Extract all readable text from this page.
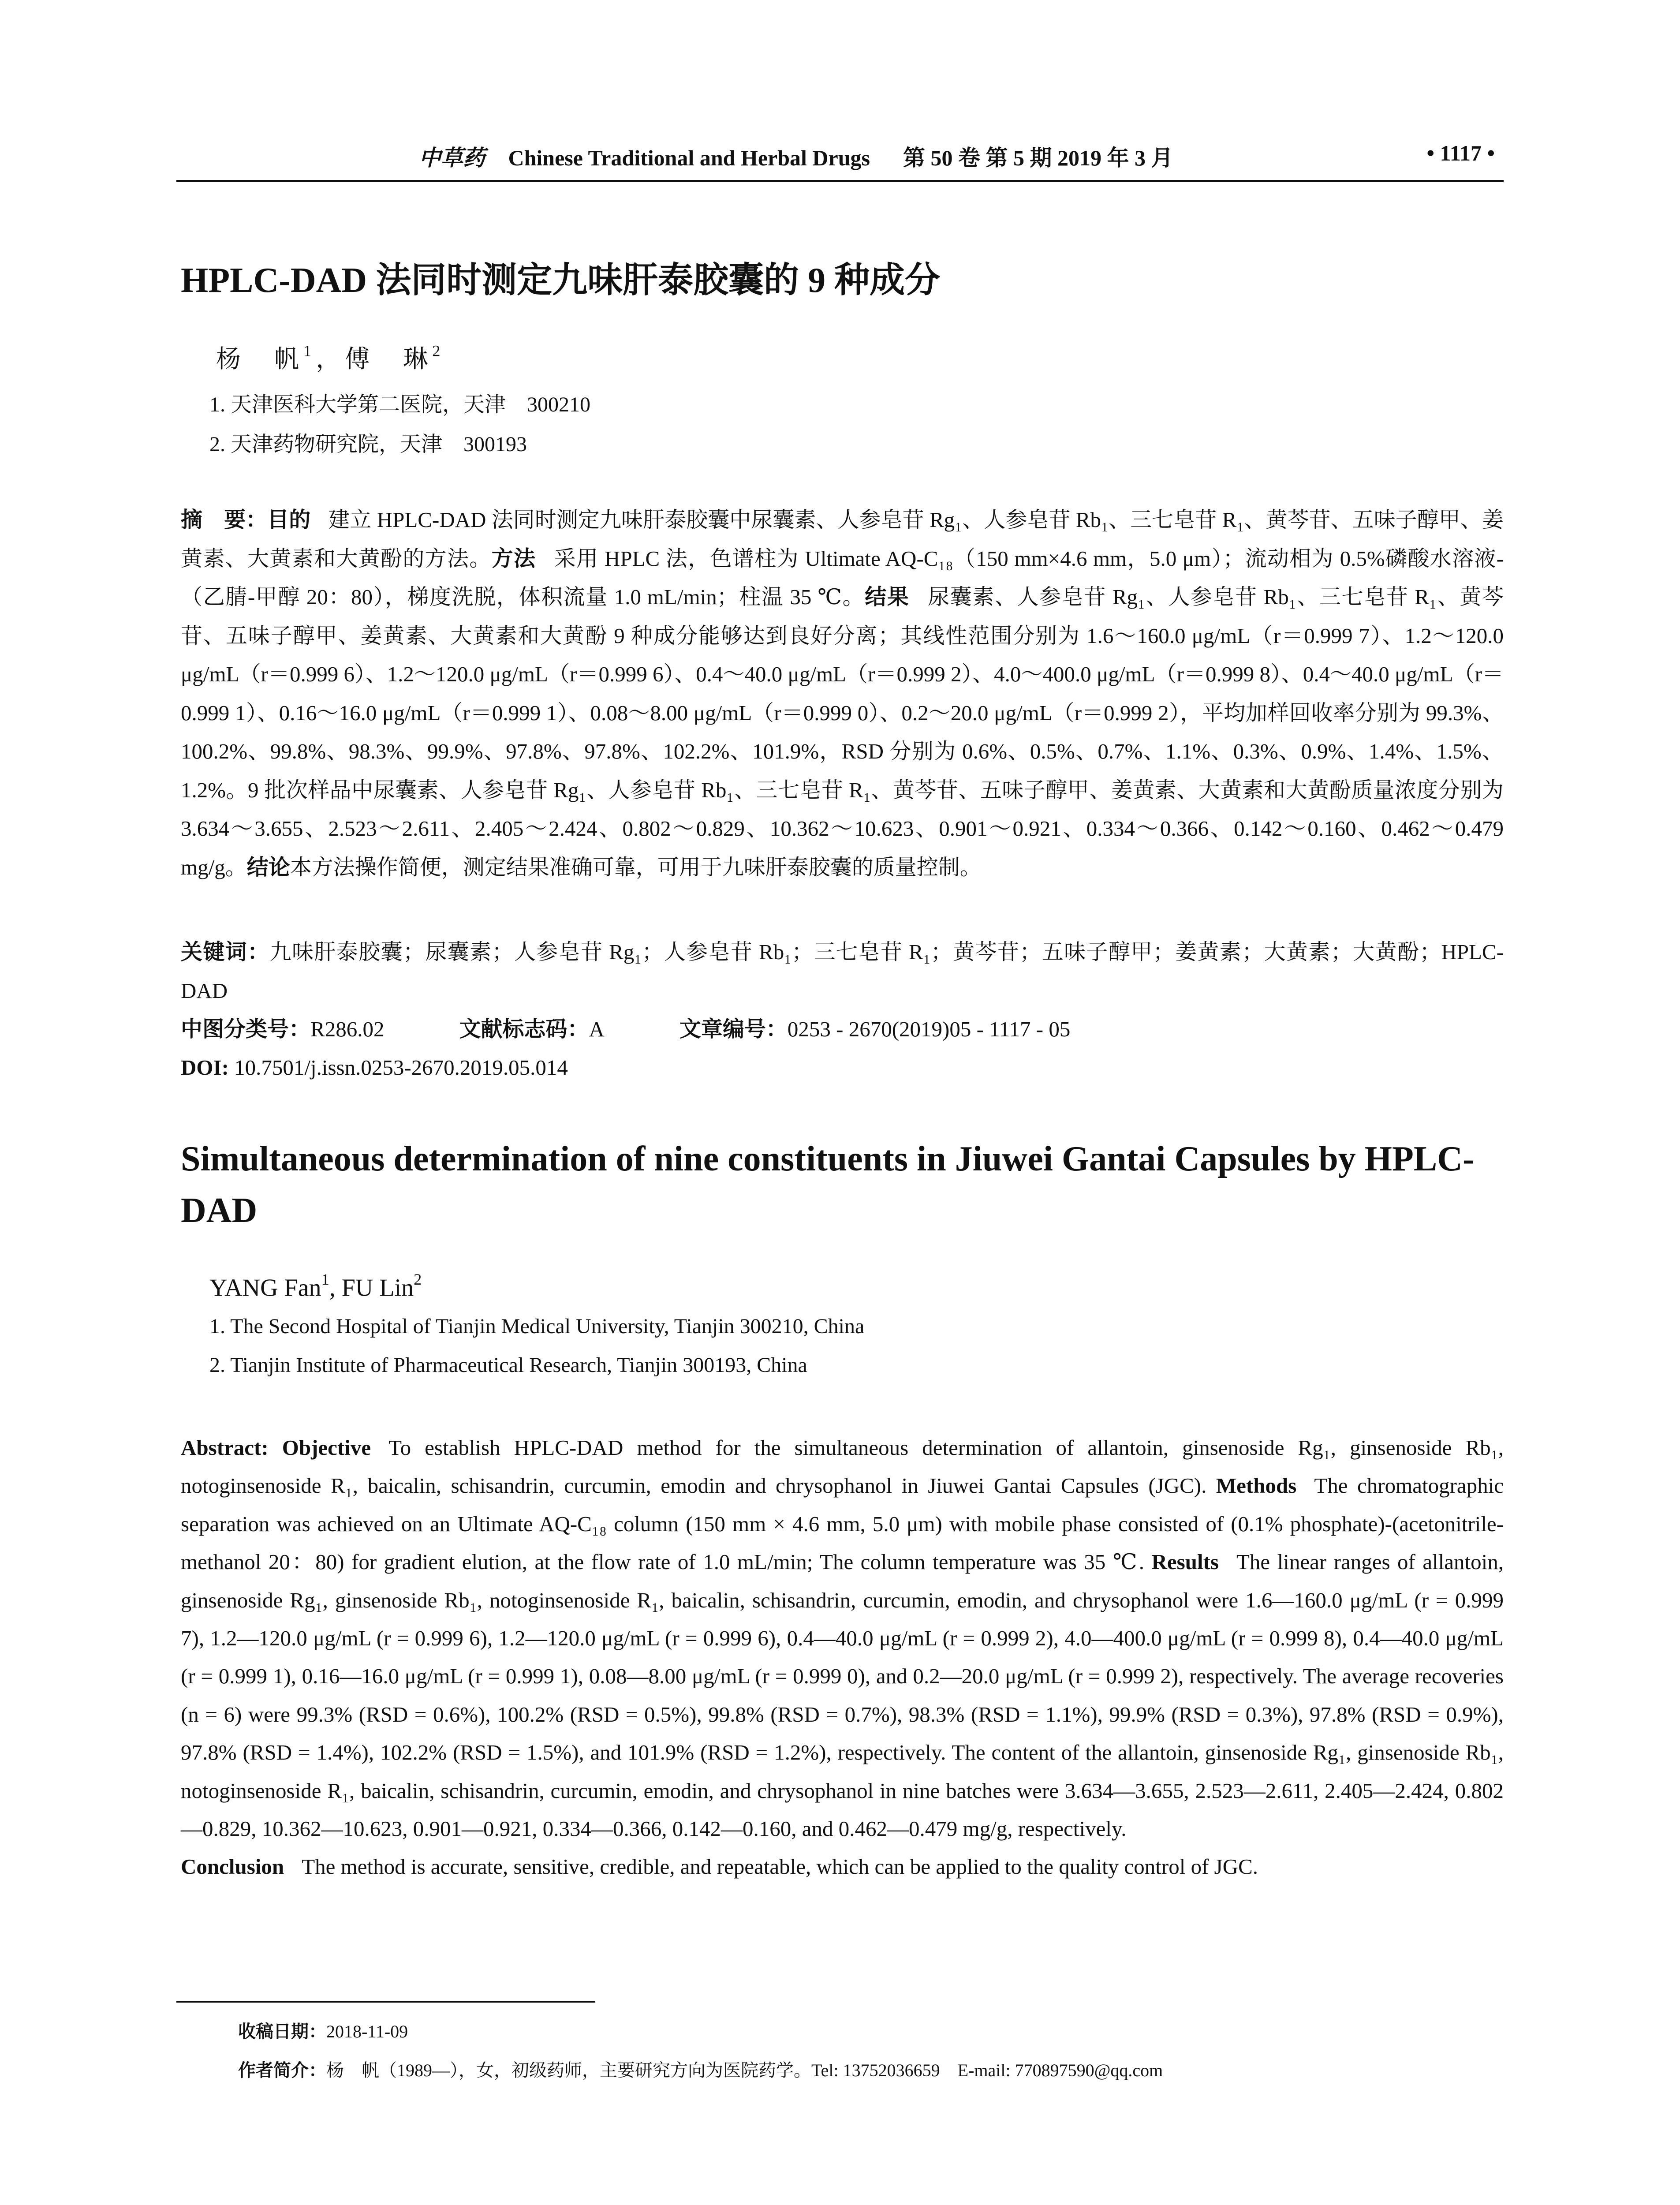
中草药 Chinese Traditional and Herbal Drugs 第 50 卷 第 5 期 2019 年 3 月	• 1117 •
HPLC-DAD 法同时测定九味肝泰胶囊的 9 种成分
杨　帆$^1$，傅　琳$^2$
1. 天津医科大学第二医院，天津　300210
2. 天津药物研究院，天津　300193
摘　要：目的 建立 HPLC-DAD 法同时测定九味肝泰胶囊中尿囊素、人参皂苷 Rg₁、人参皂苷 Rb₁、三七皂苷 R₁、黄芩苷、五味子醇甲、姜黄素、大黄素和大黄酚的方法。方法 采用 HPLC 法，色谱柱为 Ultimate AQ-C₁₈（150 mm×4.6 mm，5.0 μm）；流动相为 0.5%磷酸水溶液-（乙腈-甲醇 20：80），梯度洗脱，体积流量 1.0 mL/min；柱温 35 ℃。结果 尿囊素、人参皂苷 Rg₁、人参皂苷 Rb₁、三七皂苷 R₁、黄芩苷、五味子醇甲、姜黄素、大黄素和大黄酚 9 种成分能够达到良好分离；其线性范围分别为 1.6～160.0 μg/mL（r＝0.999 7）、1.2～120.0 μg/mL（r＝0.999 6）、1.2～120.0 μg/mL（r＝0.999 6）、0.4～40.0 μg/mL（r＝0.999 2）、4.0～400.0 μg/mL（r＝0.999 8）、0.4～40.0 μg/mL（r＝0.999 1）、0.16～16.0 μg/mL（r＝0.999 1）、0.08～8.00 μg/mL（r＝0.999 0）、0.2～20.0 μg/mL（r＝0.999 2），平均加样回收率分别为 99.3%、100.2%、99.8%、98.3%、99.9%、97.8%、97.8%、102.2%、101.9%，RSD 分别为 0.6%、0.5%、0.7%、1.1%、0.3%、0.9%、1.4%、1.5%、1.2%。9 批次样品中尿囊素、人参皂苷 Rg₁、人参皂苷 Rb₁、三七皂苷 R₁、黄芩苷、五味子醇甲、姜黄素、大黄素和大黄酚质量浓度分别为 3.634～3.655、2.523～2.611、2.405～2.424、0.802～0.829、10.362～10.623、0.901～0.921、0.334～0.366、0.142～0.160、0.462～0.479 mg/g。结论本方法操作简便，测定结果准确可靠，可用于九味肝泰胶囊的质量控制。
关键词：九味肝泰胶囊；尿囊素；人参皂苷 Rg₁；人参皂苷 Rb₁；三七皂苷 R₁；黄芩苷；五味子醇甲；姜黄素；大黄素；大黄酚；HPLC-DAD
中图分类号：R286.02	文献标志码：A	文章编号：0253 - 2670(2019)05 - 1117 - 05
DOI: 10.7501/j.issn.0253-2670.2019.05.014
Simultaneous determination of nine constituents in Jiuwei Gantai Capsules by HPLC-DAD
YANG Fan$^1$, FU Lin$^2$
1. The Second Hospital of Tianjin Medical University, Tianjin 300210, China
2. Tianjin Institute of Pharmaceutical Research, Tianjin 300193, China
Abstract: Objective To establish HPLC-DAD method for the simultaneous determination of allantoin, ginsenoside Rg₁, ginsenoside Rb₁, notoginsenoside R₁, baicalin, schisandrin, curcumin, emodin and chrysophanol in Jiuwei Gantai Capsules (JGC). Methods The chromatographic separation was achieved on an Ultimate AQ-C₁₈ column (150 mm × 4.6 mm, 5.0 μm) with mobile phase consisted of (0.1% phosphate)-(acetonitrile-methanol 20：80) for gradient elution, at the flow rate of 1.0 mL/min; The column temperature was 35 ℃. Results The linear ranges of allantoin, ginsenoside Rg₁, ginsenoside Rb₁, notoginsenoside R₁, baicalin, schisandrin, curcumin, emodin, and chrysophanol were 1.6—160.0 μg/mL (r = 0.999 7), 1.2—120.0 μg/mL (r = 0.999 6), 1.2—120.0 μg/mL (r = 0.999 6), 0.4—40.0 μg/mL (r = 0.999 2), 4.0—400.0 μg/mL (r = 0.999 8), 0.4—40.0 μg/mL (r = 0.999 1), 0.16—16.0 μg/mL (r = 0.999 1), 0.08—8.00 μg/mL (r = 0.999 0), and 0.2—20.0 μg/mL (r = 0.999 2), respectively. The average recoveries (n = 6) were 99.3% (RSD = 0.6%), 100.2% (RSD = 0.5%), 99.8% (RSD = 0.7%), 98.3% (RSD = 1.1%), 99.9% (RSD = 0.3%), 97.8% (RSD = 0.9%), 97.8% (RSD = 1.4%), 102.2% (RSD = 1.5%), and 101.9% (RSD = 1.2%), respectively. The content of the allantoin, ginsenoside Rg₁, ginsenoside Rb₁, notoginsenoside R₁, baicalin, schisandrin, curcumin, emodin, and chrysophanol in nine batches were 3.634—3.655, 2.523—2.611, 2.405—2.424, 0.802—0.829, 10.362—10.623, 0.901—0.921, 0.334—0.366, 0.142—0.160, and 0.462—0.479 mg/g, respectively.
Conclusion The method is accurate, sensitive, credible, and repeatable, which can be applied to the quality control of JGC.
收稿日期：2018-11-09
作者简介：杨　帆（1989—），女，初级药师，主要研究方向为医院药学。Tel: 13752036659　E-mail: 770897590@qq.com
